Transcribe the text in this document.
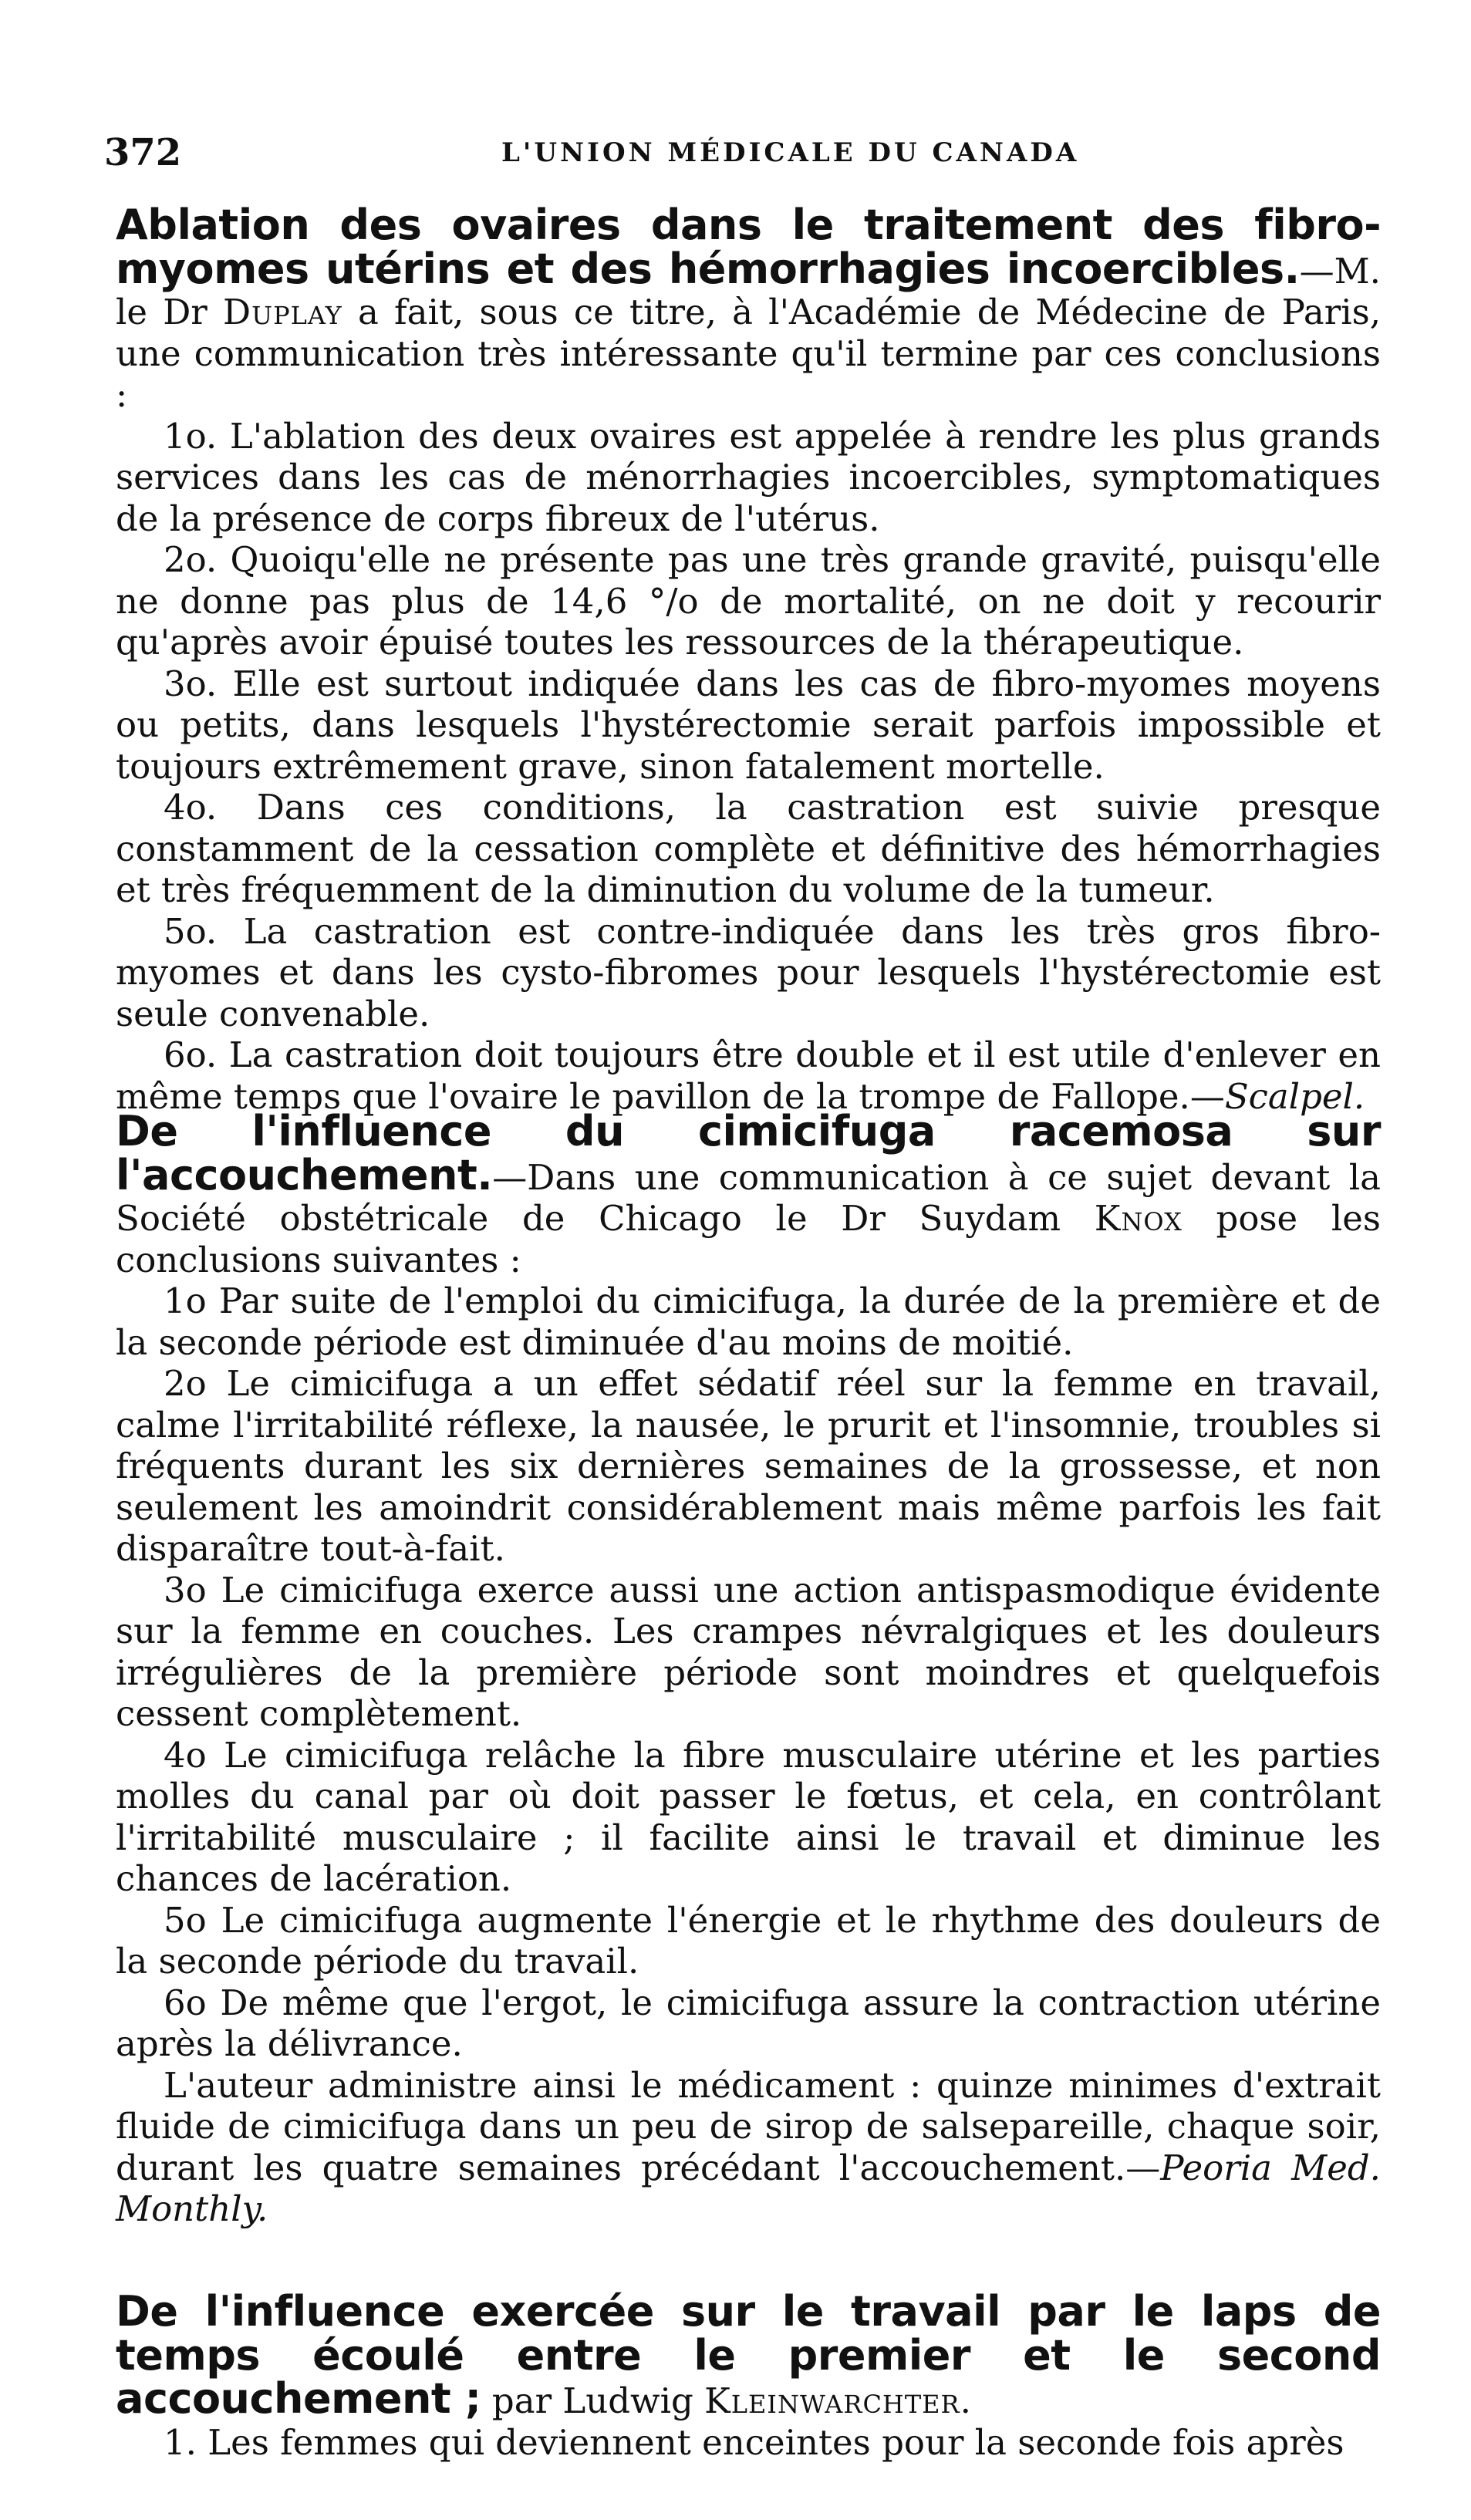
372	L'UNION MÉDICALE DU CANADA

Ablation des ovaires dans le traitement des fibro-myomes utérins et des hémorrhagies incoercibles.—M. le Dr Duplay a fait, sous ce titre, à l'Académie de Médecine de Paris, une communication très intéressante qu'il termine par ces conclusions :

1o. L'ablation des deux ovaires est appelée à rendre les plus grands services dans les cas de ménorrhagies incoercibles, symptomatiques de la présence de corps fibreux de l'utérus.

2o. Quoiqu'elle ne présente pas une très grande gravité, puisqu'elle ne donne pas plus de 14,6 °/o de mortalité, on ne doit y recourir qu'après avoir épuisé toutes les ressources de la thérapeutique.

3o. Elle est surtout indiquée dans les cas de fibro-myomes moyens ou petits, dans lesquels l'hystérectomie serait parfois impossible et toujours extrêmement grave, sinon fatalement mortelle.

4o. Dans ces conditions, la castration est suivie presque constamment de la cessation complète et définitive des hémorrhagies et très fréquemment de la diminution du volume de la tumeur.

5o. La castration est contre-indiquée dans les très gros fibro-myomes et dans les cysto-fibromes pour lesquels l'hystérectomie est seule convenable.

6o. La castration doit toujours être double et il est utile d'enlever en même temps que l'ovaire le pavillon de la trompe de Fallope.—Scalpel.

De l'influence du cimicifuga racemosa sur l'accouchement.—Dans une communication à ce sujet devant la Société obstétricale de Chicago le Dr Suydam Knox pose les conclusions suivantes :

1o Par suite de l'emploi du cimicifuga, la durée de la première et de la seconde période est diminuée d'au moins de moitié.

2o Le cimicifuga a un effet sédatif réel sur la femme en travail, calme l'irritabilité réflexe, la nausée, le prurit et l'insomnie, troubles si fréquents durant les six dernières semaines de la grossesse, et non seulement les amoindrit considérablement mais même parfois les fait disparaître tout-à-fait.

3o Le cimicifuga exerce aussi une action antispasmodique évidente sur la femme en couches. Les crampes névralgiques et les douleurs irrégulières de la première période sont moindres et quelquefois cessent complètement.

4o Le cimicifuga relâche la fibre musculaire utérine et les parties molles du canal par où doit passer le fœtus, et cela, en contrôlant l'irritabilité musculaire ; il facilite ainsi le travail et diminue les chances de lacération.

5o Le cimicifuga augmente l'énergie et le rhythme des douleurs de la seconde période du travail.

6o De même que l'ergot, le cimicifuga assure la contraction utérine après la délivrance.

L'auteur administre ainsi le médicament : quinze minimes d'extrait fluide de cimicifuga dans un peu de sirop de salsepareille, chaque soir, durant les quatre semaines précédant l'accouchement.—Peoria Med. Monthly.

De l'influence exercée sur le travail par le laps de temps écoulé entre le premier et le second accouchement ; par Ludwig Kleinwarchter.

1. Les femmes qui deviennent enceintes pour la seconde fois après
